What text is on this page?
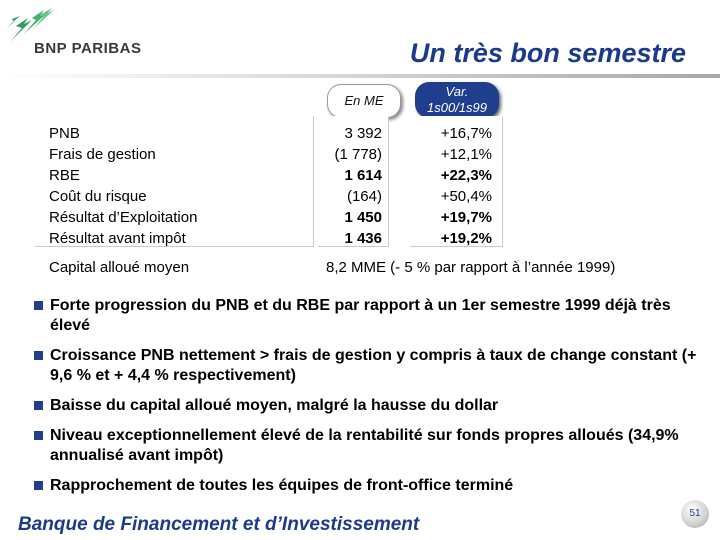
BNP PARIBAS	Un très bon semestre
En ME
Var.
1s00/1s99
PNB
Frais de gestion
RBE
Coût du risque
Résultat d’Exploitation
Résultat avant impôt
3 392
(1 778)
1 614
(164)
1 450
1 436
+16,7%
+12,1%
+22,3%
+50,4%
+19,7%
+19,2%
Capital alloué moyen	8,2 MME (- 5 % par rapport à l’année 1999)
Forte progression du PNB et du RBE par rapport à un 1er semestre 1999 déjà très élevé
Croissance PNB nettement > frais de gestion y compris à taux de change constant (+ 9,6 % et + 4,4 % respectivement)
Baisse du capital alloué moyen, malgré la hausse du dollar
Niveau exceptionnellement élevé de la rentabilité sur fonds propres alloués (34,9% annualisé avant impôt)
Rapprochement de toutes les équipes de front-office terminé
Banque de Financement et d’Investissement
51
